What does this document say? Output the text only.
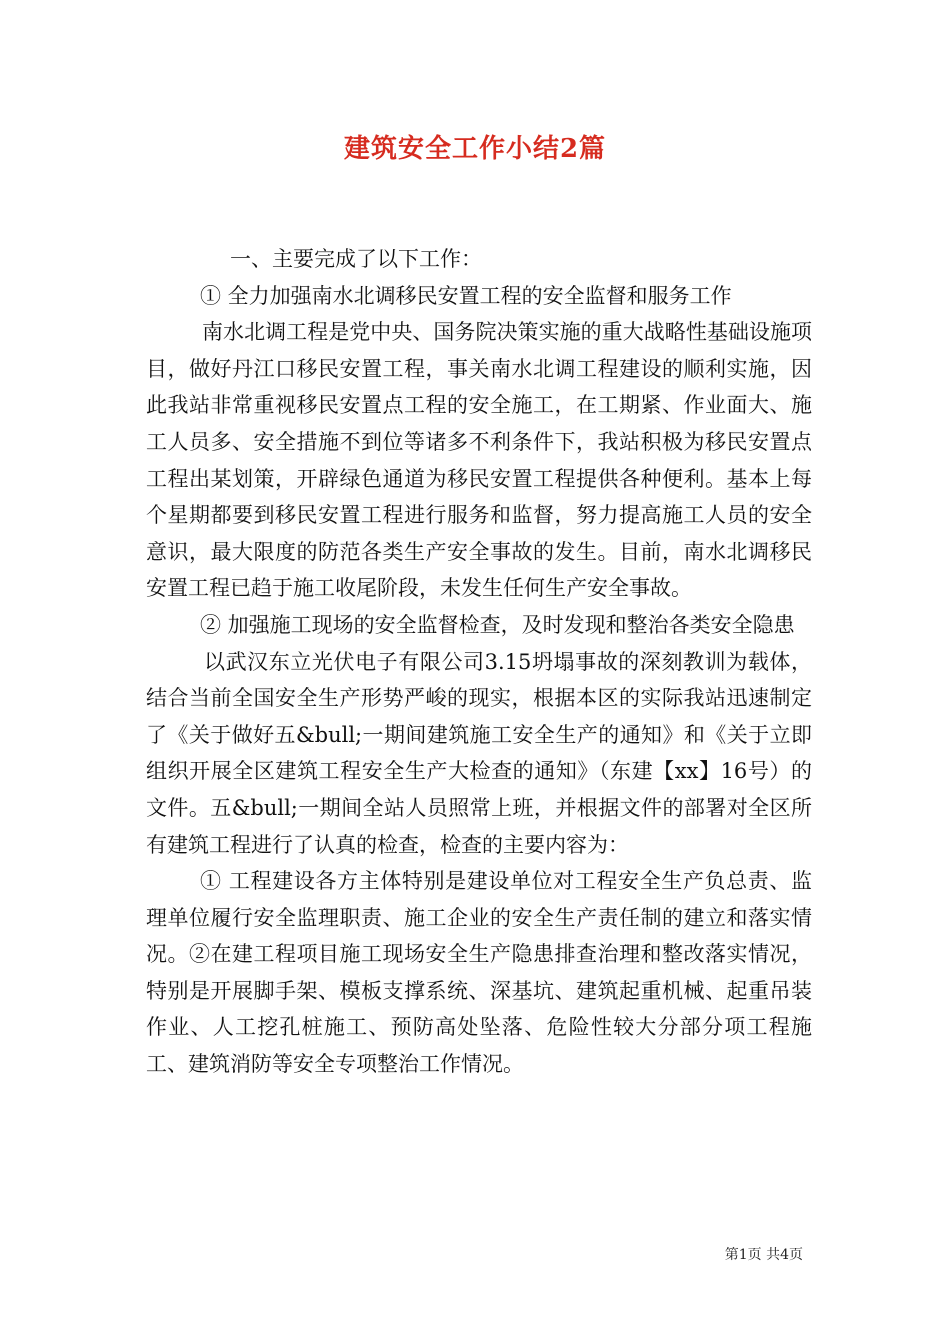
建筑安全工作小结2篇

一、主要完成了以下工作：

① 全力加强南水北调移民安置工程的安全监督和服务工作

南水北调工程是党中央、国务院决策实施的重大战略性基础设施项目，做好丹江口移民安置工程，事关南水北调工程建设的顺利实施，因此我站非常重视移民安置点工程的安全施工，在工期紧、作业面大、施工人员多、安全措施不到位等诸多不利条件下，我站积极为移民安置点工程出某划策，开辟绿色通道为移民安置工程提供各种便利。基本上每个星期都要到移民安置工程进行服务和监督，努力提高施工人员的安全意识，最大限度的防范各类生产安全事故的发生。目前，南水北调移民安置工程已趋于施工收尾阶段，未发生任何生产安全事故。

② 加强施工现场的安全监督检查，及时发现和整治各类安全隐患

以武汉东立光伏电子有限公司3.15坍塌事故的深刻教训为载体，结合当前全国安全生产形势严峻的现实，根据本区的实际我站迅速制定了《关于做好五&bull;一期间建筑施工安全生产的通知》和《关于立即组织开展全区建筑工程安全生产大检查的通知》（东建【xx】16号）的文件。五&bull;一期间全站人员照常上班，并根据文件的部署对全区所有建筑工程进行了认真的检查，检查的主要内容为：

① 工程建设各方主体特别是建设单位对工程安全生产负总责、监理单位履行安全监理职责、施工企业的安全生产责任制的建立和落实情况。②在建工程项目施工现场安全生产隐患排查治理和整改落实情况，特别是开展脚手架、模板支撑系统、深基坑、建筑起重机械、起重吊装作业、人工挖孔桩施工、预防高处坠落、危险性较大分部分项工程施工、建筑消防等安全专项整治工作情况。

第1页 共4页
